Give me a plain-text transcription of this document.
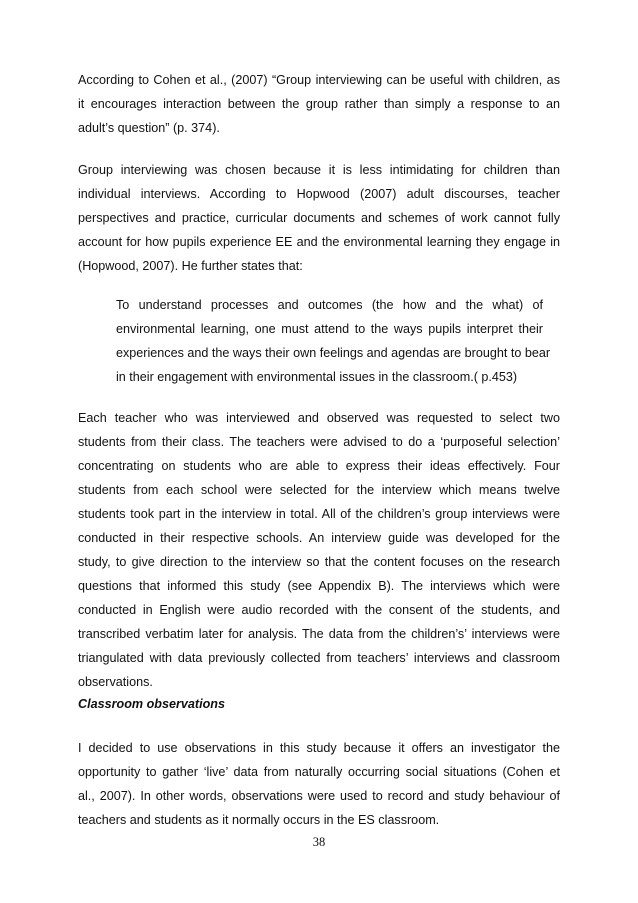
According to Cohen et al., (2007) “Group interviewing can be useful with children, as
it encourages interaction between the group rather than simply a response to an
adult’s question” (p. 374).
Group interviewing was chosen because it is less intimidating for children than
individual interviews. According to Hopwood (2007) adult discourses, teacher
perspectives and practice, curricular documents and schemes of work cannot fully
account for how pupils experience EE and the environmental learning they engage in
(Hopwood, 2007). He further states that:
To understand processes and outcomes (the how and the what) of
environmental learning, one must attend to the ways pupils interpret their
experiences and the ways their own feelings and agendas are brought to bear
in their engagement with environmental issues in the classroom.( p.453)
Each teacher who was interviewed and observed was requested to select two
students from their class. The teachers were advised to do a ‘purposeful selection’
concentrating on students who are able to express their ideas effectively. Four
students from each school were selected for the interview which means twelve
students took part in the interview in total. All of the children’s group interviews were
conducted in their respective schools. An interview guide was developed for the
study, to give direction to the interview so that the content focuses on the research
questions that informed this study (see Appendix B). The interviews which were
conducted in English were audio recorded with the consent of the students, and
transcribed verbatim later for analysis. The data from the children’s’ interviews were
triangulated with data previously collected from teachers’ interviews and classroom
observations.
Classroom observations
I decided to use observations in this study because it offers an investigator the
opportunity to gather ‘live’ data from naturally occurring social situations (Cohen et
al., 2007). In other words, observations were used to record and study behaviour of
teachers and students as it normally occurs in the ES classroom.
38
